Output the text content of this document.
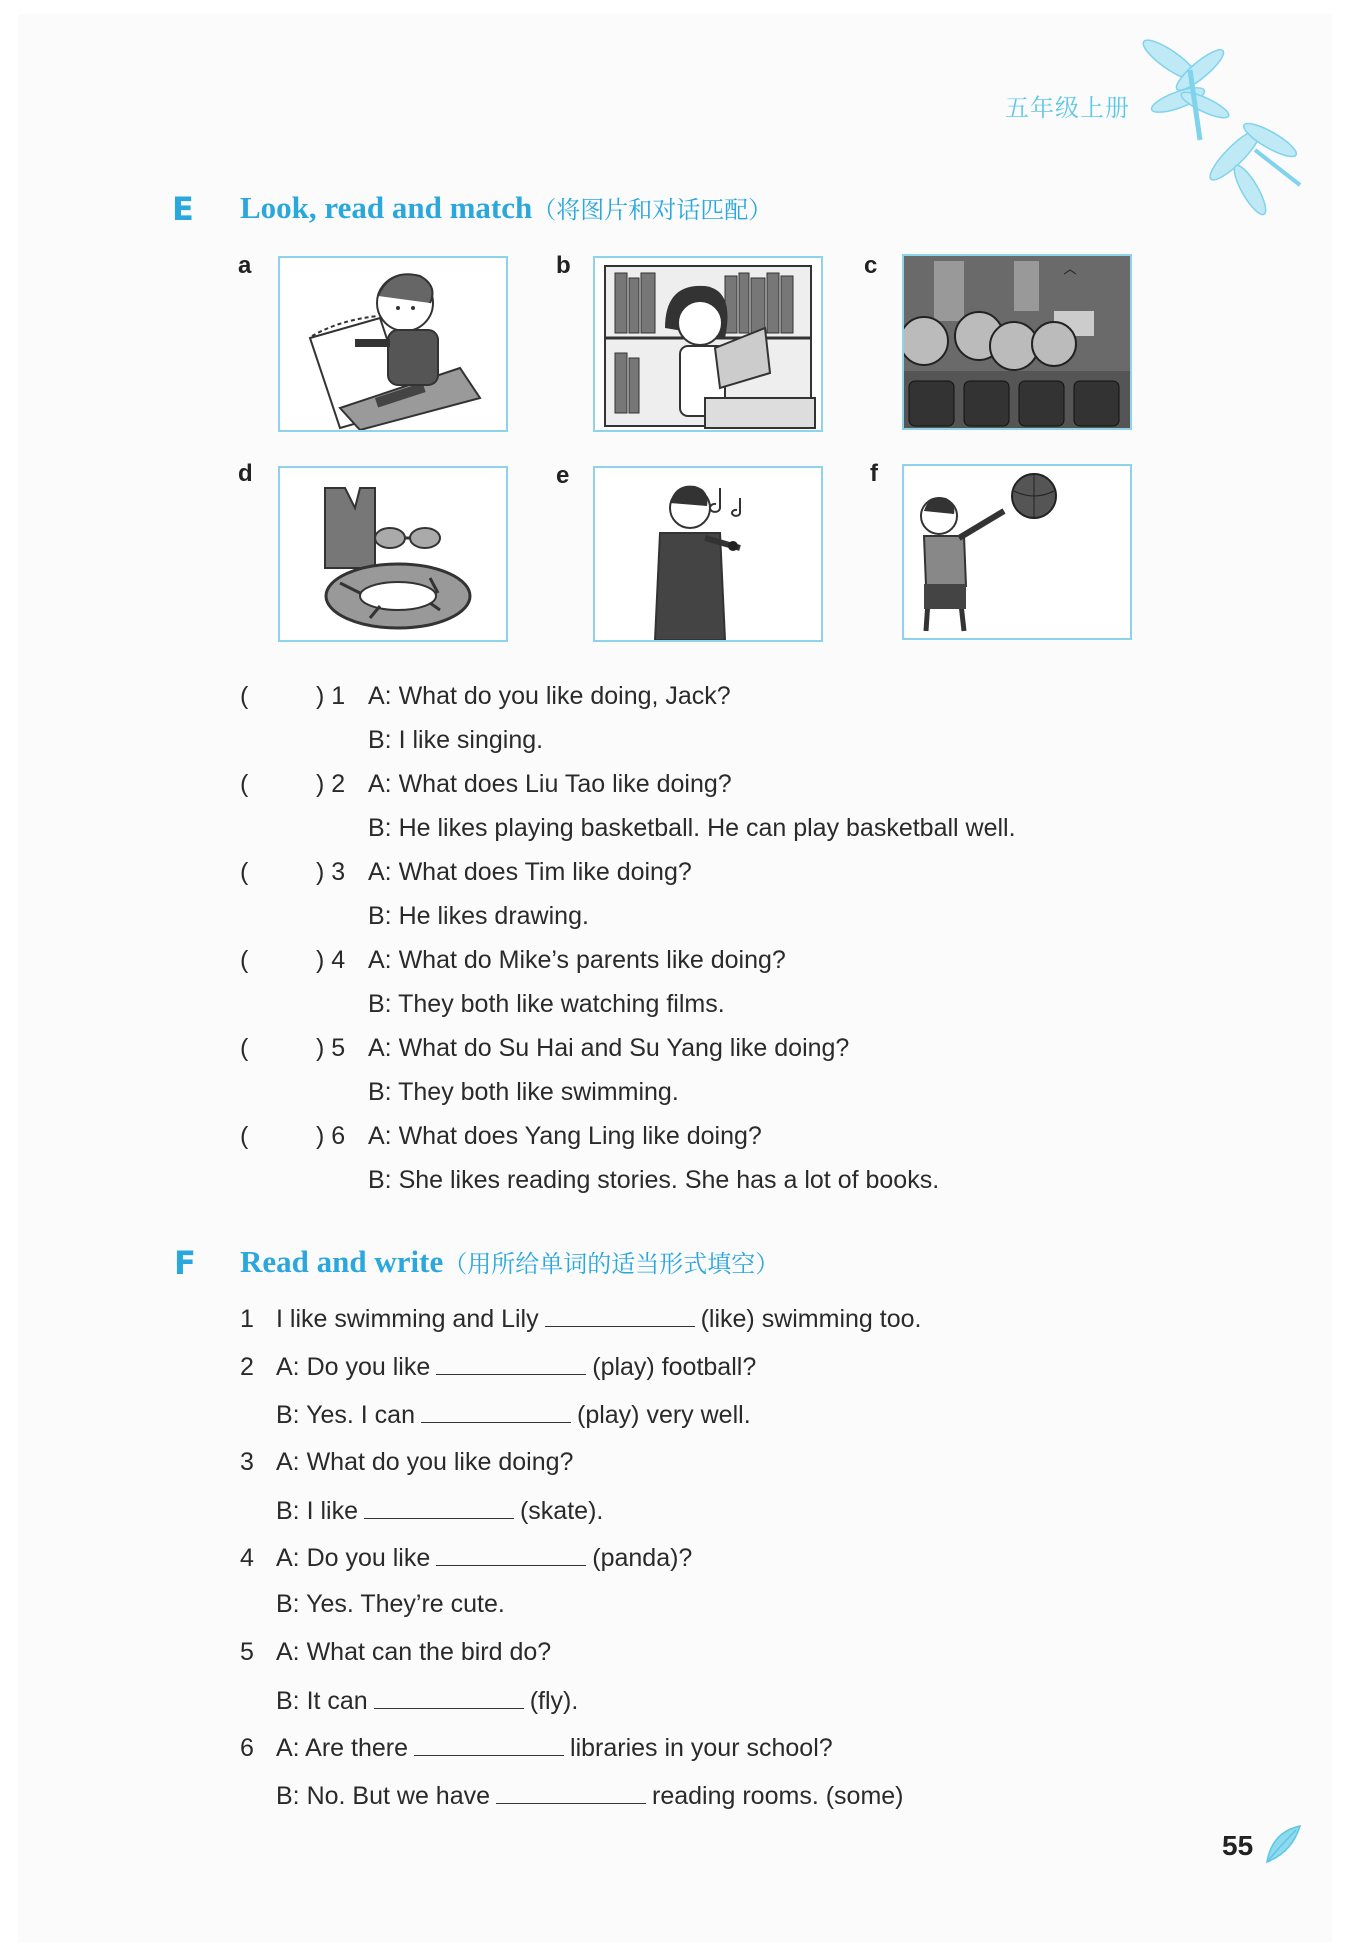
五年级上册
E Look, read and match（将图片和对话匹配）
a	b	c
d	e	f
(	) 1 A: What do you like doing, Jack?
B: I like singing.
(	) 2 A: What does Liu Tao like doing?
B: He likes playing basketball. He can play basketball well.
(	) 3 A: What does Tim like doing?
B: He likes drawing.
(	) 4 A: What do Mike’s parents like doing?
B: They both like watching films.
(	) 5 A: What do Su Hai and Su Yang like doing?
B: They both like swimming.
(	) 6 A: What does Yang Ling like doing?
B: She likes reading stories. She has a lot of books.
F Read and write（用所给单词的适当形式填空）
1 I like swimming and Lily	(like) swimming too.
2 A: Do you like	(play) football?
B: Yes. I can	(play) very well.
3 A: What do you like doing?
B: I like	(skate).
4 A: Do you like	(panda)?
B: Yes. They’re cute.
5 A: What can the bird do?
B: It can	(fly).
6 A: Are there	libraries in your school?
B: No. But we have	reading rooms. (some)
55
